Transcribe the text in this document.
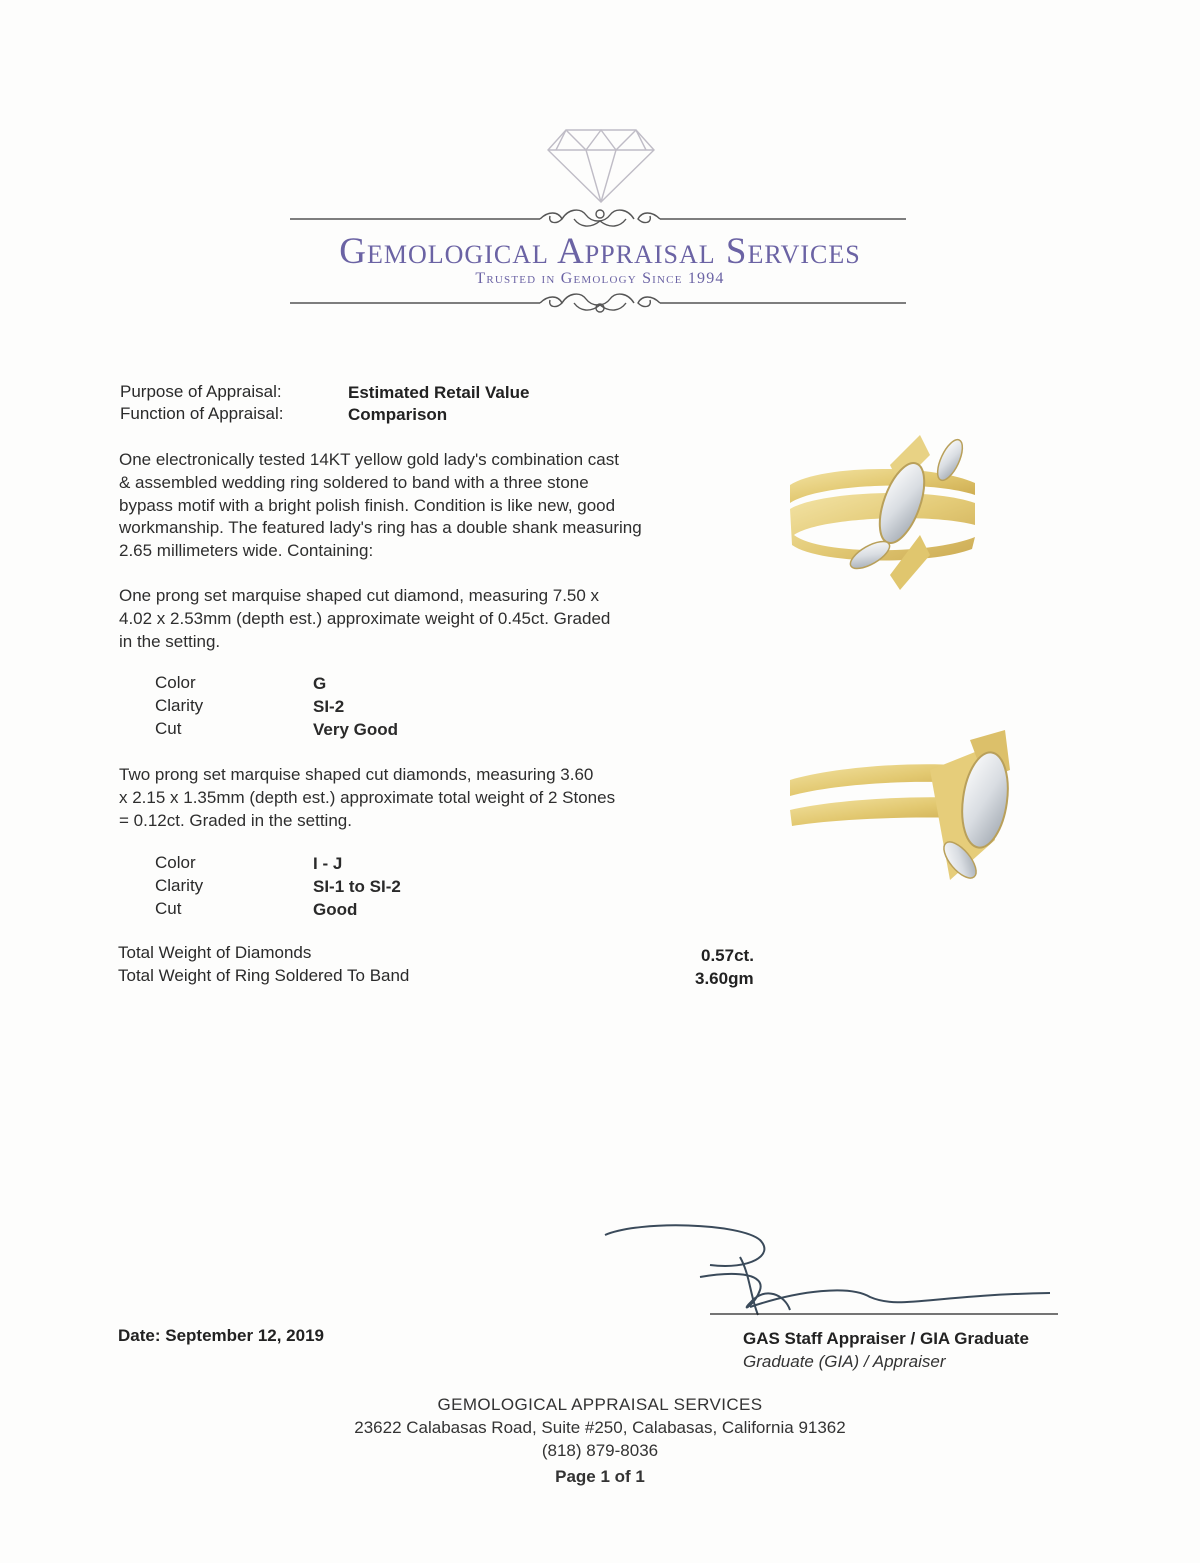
Gemological Appraisal Services
Trusted in Gemology Since 1994
Purpose of Appraisal:	Estimated Retail Value
Function of Appraisal:	Comparison
One electronically tested 14KT yellow gold lady's combination cast
& assembled wedding ring soldered to band with a three stone
bypass motif with a bright polish finish. Condition is like new, good
workmanship. The featured lady's ring has a double shank measuring
2.65 millimeters wide. Containing:
One prong set marquise shaped cut diamond, measuring 7.50 x
4.02 x 2.53mm (depth est.) approximate weight of 0.45ct. Graded
in the setting.
Color	G
Clarity	SI-2
Cut	Very Good
Two prong set marquise shaped cut diamonds, measuring 3.60
x 2.15 x 1.35mm (depth est.) approximate total weight of 2 Stones
= 0.12ct. Graded in the setting.
Color	I - J
Clarity	SI-1 to SI-2
Cut	Good
Total Weight of Diamonds	0.57ct.
Total Weight of Ring Soldered To Band	3.60gm
Date: September 12, 2019	GAS Staff Appraiser / GIA Graduate
Graduate (GIA) / Appraiser
GEMOLOGICAL APPRAISAL SERVICES
23622 Calabasas Road, Suite #250, Calabasas, California 91362
(818) 879-8036
Page 1 of 1
